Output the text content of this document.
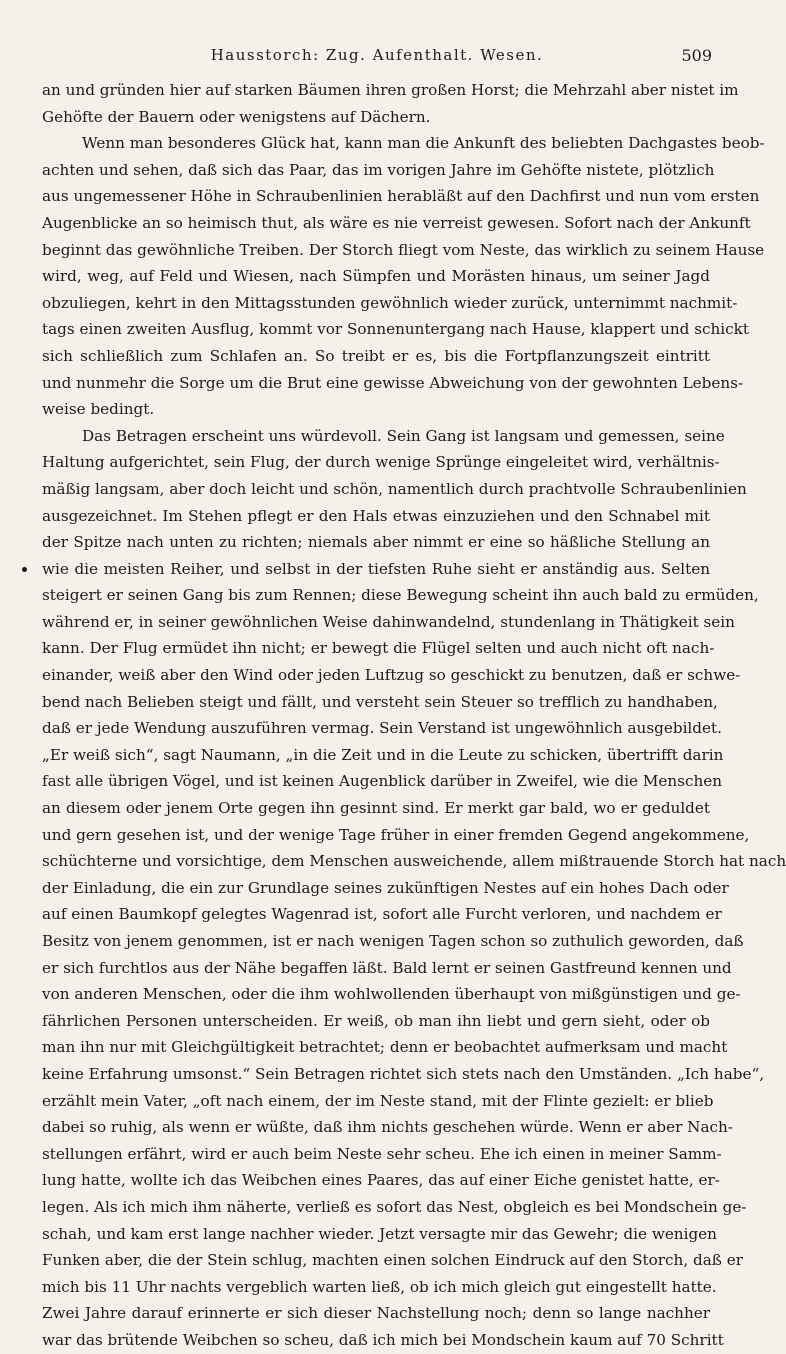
Hausstorch: Zug. Aufenthalt. Wesen.	509
an und gründen hier auf starken Bäumen ihren großen Horst; die Mehrzahl aber nistet im
Gehöfte der Bauern oder wenigstens auf Dächern.
Wenn man besonderes Glück hat, kann man die Ankunft des beliebten Dachgastes beob-
achten und sehen, daß sich das Paar, das im vorigen Jahre im Gehöfte nistete, plötzlich
aus ungemessener Höhe in Schraubenlinien herabläßt auf den Dachfirst und nun vom ersten
Augenblicke an so heimisch thut, als wäre es nie verreist gewesen. Sofort nach der Ankunft
beginnt das gewöhnliche Treiben. Der Storch fliegt vom Neste, das wirklich zu seinem Hause
wird, weg, auf Feld und Wiesen, nach Sümpfen und Morästen hinaus, um seiner Jagd
obzuliegen, kehrt in den Mittagsstunden gewöhnlich wieder zurück, unternimmt nachmit-
tags einen zweiten Ausflug, kommt vor Sonnenuntergang nach Hause, klappert und schickt
sich schließlich zum Schlafen an. So treibt er es, bis die Fortpflanzungszeit eintritt
und nunmehr die Sorge um die Brut eine gewisse Abweichung von der gewohnten Lebens-
weise bedingt.
Das Betragen erscheint uns würdevoll. Sein Gang ist langsam und gemessen, seine
Haltung aufgerichtet, sein Flug, der durch wenige Sprünge eingeleitet wird, verhältnis-
mäßig langsam, aber doch leicht und schön, namentlich durch prachtvolle Schraubenlinien
ausgezeichnet. Im Stehen pflegt er den Hals etwas einzuziehen und den Schnabel mit
der Spitze nach unten zu richten; niemals aber nimmt er eine so häßliche Stellung an
wie die meisten Reiher, und selbst in der tiefsten Ruhe sieht er anständig aus. Selten
steigert er seinen Gang bis zum Rennen; diese Bewegung scheint ihn auch bald zu ermüden,
während er, in seiner gewöhnlichen Weise dahinwandelnd, stundenlang in Thätigkeit sein
kann. Der Flug ermüdet ihn nicht; er bewegt die Flügel selten und auch nicht oft nach-
einander, weiß aber den Wind oder jeden Luftzug so geschickt zu benutzen, daß er schwe-
bend nach Belieben steigt und fällt, und versteht sein Steuer so trefflich zu handhaben,
daß er jede Wendung auszuführen vermag. Sein Verstand ist ungewöhnlich ausgebildet.
„Er weiß sich“, sagt Naumann, „in die Zeit und in die Leute zu schicken, übertrifft darin
fast alle übrigen Vögel, und ist keinen Augenblick darüber in Zweifel, wie die Menschen
an diesem oder jenem Orte gegen ihn gesinnt sind. Er merkt gar bald, wo er geduldet
und gern gesehen ist, und der wenige Tage früher in einer fremden Gegend angekommene,
schüchterne und vorsichtige, dem Menschen ausweichende, allem mißtrauende Storch hat nach
der Einladung, die ein zur Grundlage seines zukünftigen Nestes auf ein hohes Dach oder
auf einen Baumkopf gelegtes Wagenrad ist, sofort alle Furcht verloren, und nachdem er
Besitz von jenem genommen, ist er nach wenigen Tagen schon so zuthulich geworden, daß
er sich furchtlos aus der Nähe begaffen läßt. Bald lernt er seinen Gastfreund kennen und
von anderen Menschen, oder die ihm wohlwollenden überhaupt von mißgünstigen und ge-
fährlichen Personen unterscheiden. Er weiß, ob man ihn liebt und gern sieht, oder ob
man ihn nur mit Gleichgültigkeit betrachtet; denn er beobachtet aufmerksam und macht
keine Erfahrung umsonst.“ Sein Betragen richtet sich stets nach den Umständen. „Ich habe“,
erzählt mein Vater, „oft nach einem, der im Neste stand, mit der Flinte gezielt: er blieb
dabei so ruhig, als wenn er wüßte, daß ihm nichts geschehen würde. Wenn er aber Nach-
stellungen erfährt, wird er auch beim Neste sehr scheu. Ehe ich einen in meiner Samm-
lung hatte, wollte ich das Weibchen eines Paares, das auf einer Eiche genistet hatte, er-
legen. Als ich mich ihm näherte, verließ es sofort das Nest, obgleich es bei Mondschein ge-
schah, und kam erst lange nachher wieder. Jetzt versagte mir das Gewehr; die wenigen
Funken aber, die der Stein schlug, machten einen solchen Eindruck auf den Storch, daß er
mich bis 11 Uhr nachts vergeblich warten ließ, ob ich mich gleich gut eingestellt hatte.
Zwei Jahre darauf erinnerte er sich dieser Nachstellung noch; denn so lange nachher
war das brütende Weibchen so scheu, daß ich mich bei Mondschein kaum auf 70 Schritt
